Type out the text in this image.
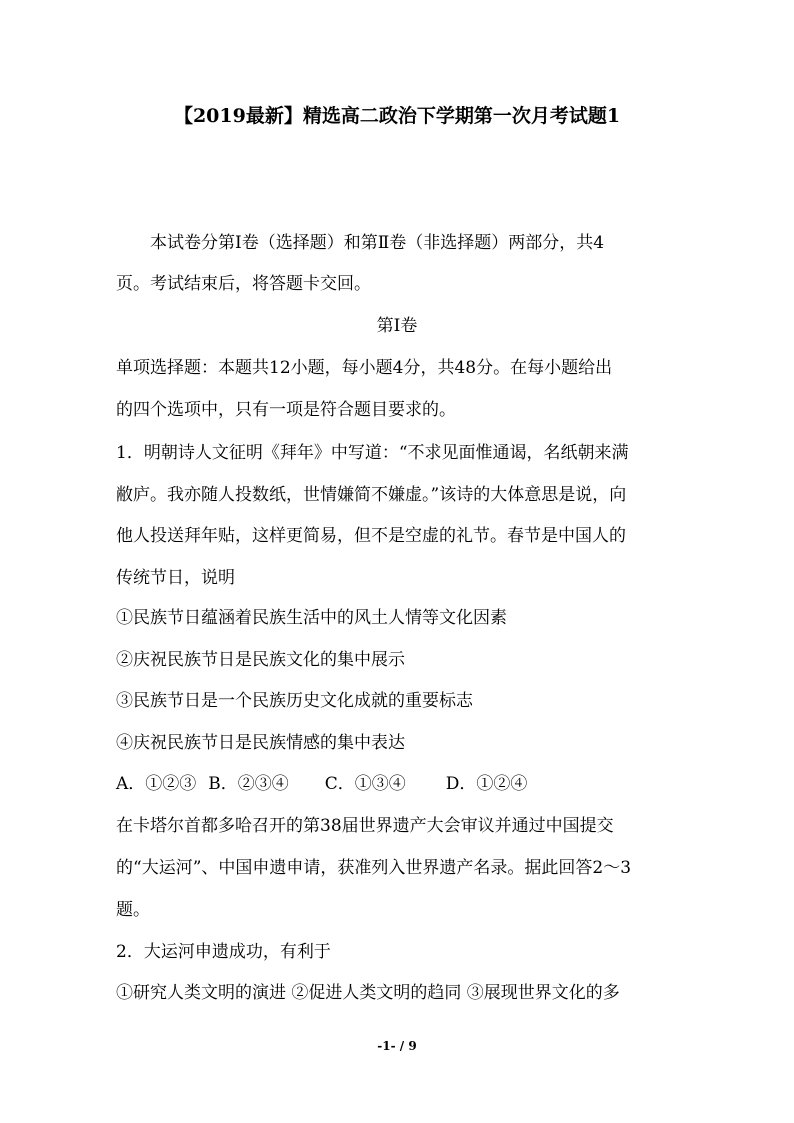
【2019最新】精选高二政治下学期第一次月考试题1
本试卷分第Ⅰ卷（选择题）和第Ⅱ卷（非选择题）两部分，共4
页。考试结束后，将答题卡交回。
第Ⅰ卷
单项选择题：本题共12小题，每小题4分，共48分。在每小题给出
的四个选项中，只有一项是符合题目要求的。
1．明朝诗人文征明《拜年》中写道：“不求见面惟通谒，名纸朝来满
敝庐。我亦随人投数纸，世情嫌简不嫌虚。”该诗的大体意思是说，向
他人投送拜年贴，这样更简易，但不是空虚的礼节。春节是中国人的
传统节日，说明
①民族节日蕴涵着民族生活中的风土人情等文化因素
②庆祝民族节日是民族文化的集中展示
③民族节日是一个民族历史文化成就的重要标志
④庆祝民族节日是民族情感的集中表达
A．①②③ B．②③④ C．①③④ D．①②④
在卡塔尔首都多哈召开的第38届世界遗产大会审议并通过中国提交
的“大运河”、中国申遗申请，获准列入世界遗产名录。据此回答2～3
题。
2．大运河申遗成功，有利于
①研究人类文明的演进 ②促进人类文明的趋同 ③展现世界文化的多
-1- / 9
